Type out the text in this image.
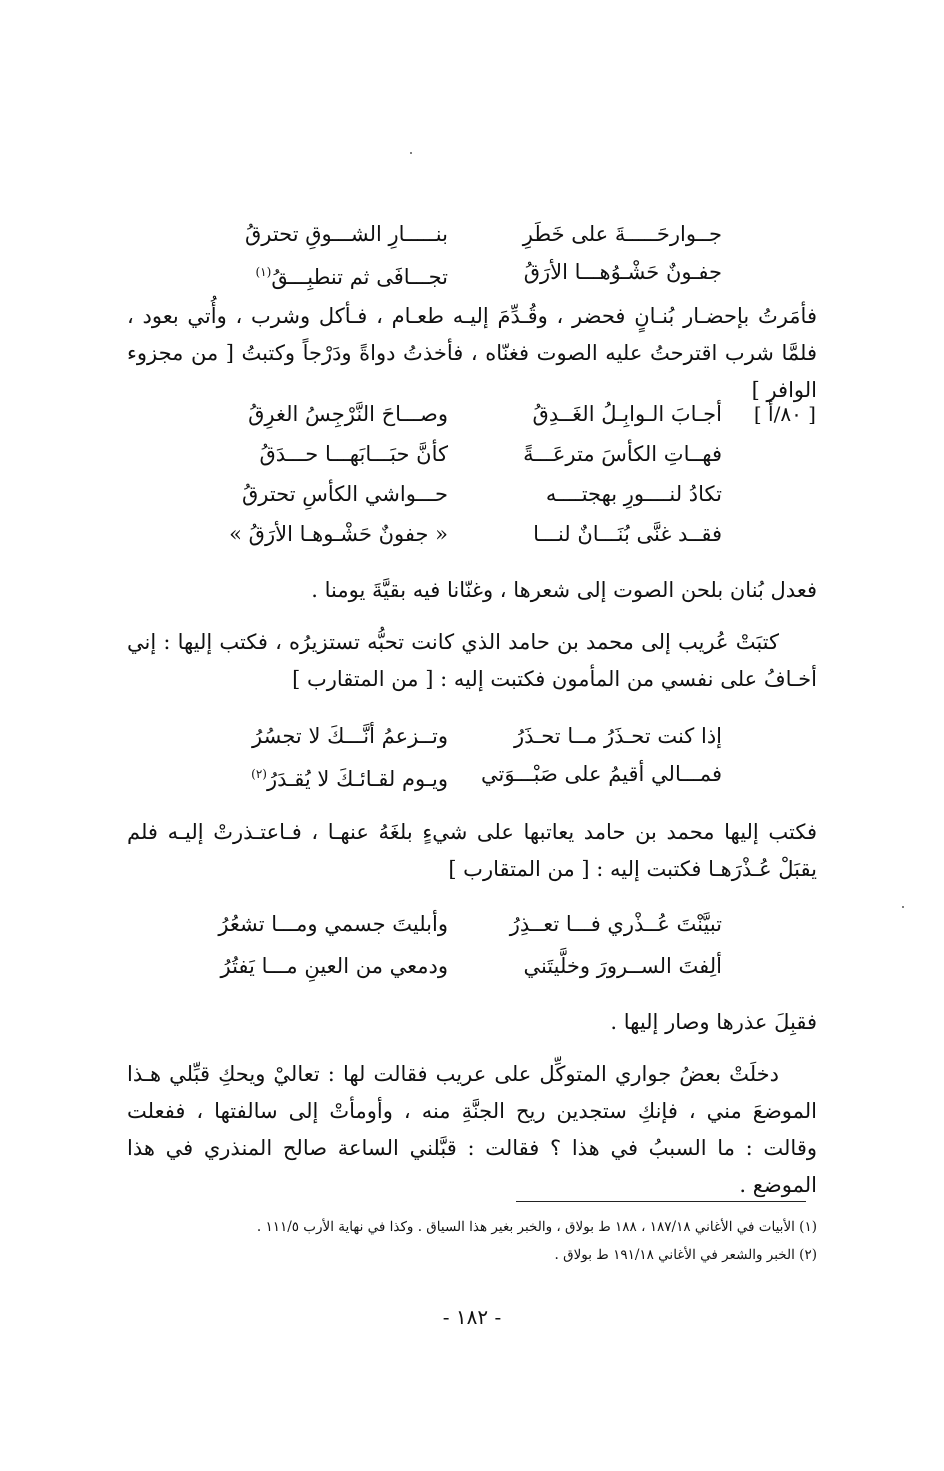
جــوارحَـــــةَ على خَطَرِ
بنـــــارِ الشـــوقِ تحترقُ
جفـونٌ حَشْـوُهـــا الأرَقُ
تجـــافَى ثم تنطبِـــقُ$^{(١)}$
فأمَرتُ بإحضـار بُنـانٍ فحضر ، وقُـدِّمَ إليـه طعـام ، فـأكل وشرب ، وأُتي بعود ، فلمَّا شرب اقترحتُ عليه الصوت فغنّاه ، فأخذتُ دواةً ودَرْجاً وكتبتُ [ من مجزوء الوافر ]
[ ٨٠/أ ]
أجـابَ الـوابِـلُ الغَــدِقُ
وصـــاحَ النَّرْجِسُ الغرِقُ
فهــاتِ الكأسَ مترعَـــةً
كأنَّ حبَـــابَهـــا حـــدَقُ
تكادُ لنــــورِ بهجتــــه
حـــواشي الكأسِ تحترقُ
فقــد غنَّى بُنَـــانٌ لنـــا
« جفونٌ حَشْـوهـا الأرَقُ »
فعدل بُنان بلحن الصوت إلى شعرها ، وغنّانا فيه بقيَّةَ يومنا .
كتبَتْ عُريب إلى محمد بن حامد الذي كانت تحبُّه تستزيرُه ، فكتب إليها : إني أخـافُ على نفسي من المأمون فكتبت إليه : [ من المتقارب ]
إذا كنت تحـذَرُ مــا تحـذَرُ
وتــزعمُ أنَّـــكَ لا تجسُرُ
فمـــالي أقيمُ على صَبْـــوَتي
ويـوم لقـائـكَ لا يُقـدَرُ$^{(٢)}$
فكتب إليها محمد بن حامد يعاتبها على شيءٍ بلغَهُ عنهـا ، فـاعتـذرتْ إليـه فلم يقبَلْ عُـذْرَهـا فكتبت إليه : [ من المتقارب ]
تبيَّنْتَ عُــذْري فـــا تعــذِرُ
وأبليتَ جسمي ومـــا تشعُرُ
ألِفتَ الســرورَ وخلَّيتَني
ودمعي من العينِ مـــا يَفتُرُ
فقبِلَ عذرها وصار إليها .
دخلَتْ بعضُ جواري المتوكِّل على عريب فقالت لها : تعاليْ ويحكِ قبِّلي هـذا الموضعَ مني ، فإنكِ ستجدين ريح الجنَّةِ منه ، وأومأتْ إلى سالفتها ، ففعلت وقالت : ما السببُ في هذا ؟ فقالت : قبَّلني الساعة صالح المنذري في هذا الموضع .
(١) الأبيات في الأغاني ١٨٧/١٨ ، ١٨٨ ط بولاق ، والخبر بغير هذا السياق . وكذا في نهاية الأرب ١١١/٥ .
(٢) الخبر والشعر في الأغاني ١٩١/١٨ ط بولاق .
- ١٨٢ -
